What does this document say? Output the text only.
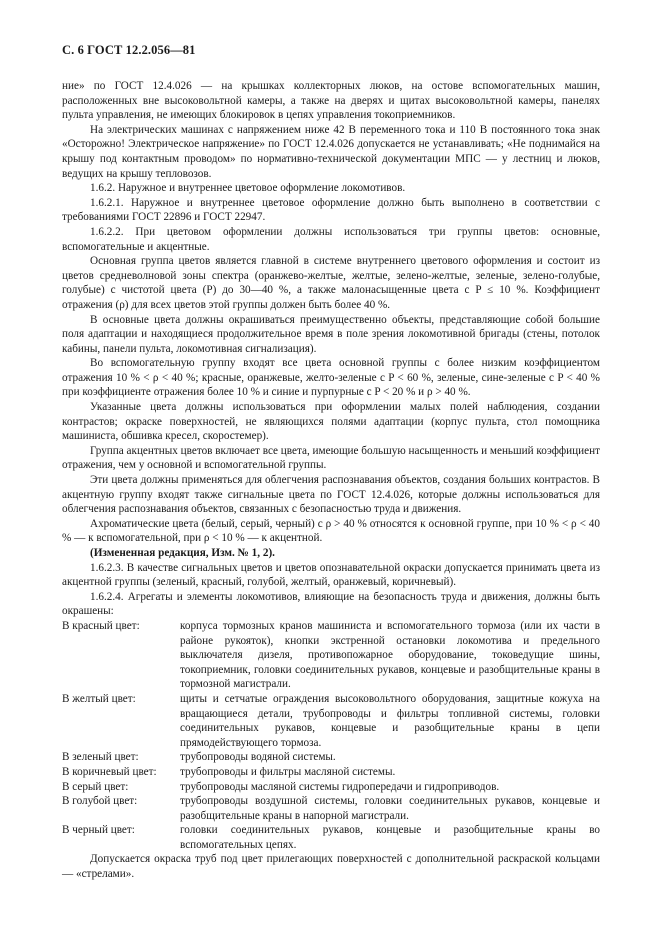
С. 6 ГОСТ 12.2.056—81

ние» по ГОСТ 12.4.026 — на крышках коллекторных люков, на остове вспомогательных машин, расположенных вне высоковольтной камеры, а также на дверях и щитах высоковольтной камеры, панелях пульта управления, не имеющих блокировок в цепях управления токоприемников.

На электрических машинах с напряжением ниже 42 В переменного тока и 110 В постоянного тока знак «Осторожно! Электрическое напряжение» по ГОСТ 12.4.026 допускается не устанавливать; «Не поднимайся на крышу под контактным проводом» по нормативно-технической документации МПС — у лестниц и люков, ведущих на крышу тепловозов.

1.6.2. Наружное и внутреннее цветовое оформление локомотивов.

1.6.2.1. Наружное и внутреннее цветовое оформление должно быть выполнено в соответствии с требованиями ГОСТ 22896 и ГОСТ 22947.

1.6.2.2. При цветовом оформлении должны использоваться три группы цветов: основные, вспомогательные и акцентные.

Основная группа цветов является главной в системе внутреннего цветового оформления и состоит из цветов средневолновой зоны спектра (оранжево-желтые, желтые, зелено-желтые, зеленые, зелено-голубые, голубые) с чистотой цвета (P) до 30—40 %, а также малонасыщенные цвета с P ≤ 10 %. Коэффициент отражения (ρ) для всех цветов этой группы должен быть более 40 %.

В основные цвета должны окрашиваться преимущественно объекты, представляющие собой большие поля адаптации и находящиеся продолжительное время в поле зрения локомотивной бригады (стены, потолок кабины, панели пульта, локомотивная сигнализация).

Во вспомогательную группу входят все цвета основной группы с более низким коэффициентом отражения 10 % < ρ < 40 %; красные, оранжевые, желто-зеленые с P < 60 %, зеленые, сине-зеленые с P < 40 % при коэффициенте отражения более 10 % и синие и пурпурные с P < 20 % и ρ > 40 %.

Указанные цвета должны использоваться при оформлении малых полей наблюдения, создании контрастов; окраске поверхностей, не являющихся полями адаптации (корпус пульта, стол помощника машиниста, обшивка кресел, скоростемер).

Группа акцентных цветов включает все цвета, имеющие большую насыщенность и меньший коэффициент отражения, чем у основной и вспомогательной группы.

Эти цвета должны применяться для облегчения распознавания объектов, создания больших контрастов. В акцентную группу входят также сигнальные цвета по ГОСТ 12.4.026, которые должны использоваться для облегчения распознавания объектов, связанных с безопасностью труда и движения.

Ахроматические цвета (белый, серый, черный) с ρ > 40 % относятся к основной группе, при 10 % < ρ < 40 % — к вспомогательной, при ρ < 10 % — к акцентной.

(Измененная редакция, Изм. № 1, 2).

1.6.2.3. В качестве сигнальных цветов и цветов опознавательной окраски допускается принимать цвета из акцентной группы (зеленый, красный, голубой, желтый, оранжевый, коричневый).

1.6.2.4. Агрегаты и элементы локомотивов, влияющие на безопасность труда и движения, должны быть окрашены:

В красный цвет:	корпуса тормозных кранов машиниста и вспомогательного тормоза (или их части в районе рукояток), кнопки экстренной остановки локомотива и предельного выключателя дизеля, противопожарное оборудование, токоведущие шины, токоприемник, головки соединительных рукавов, концевые и разобщительные краны в тормозной магистрали.
В желтый цвет:	щиты и сетчатые ограждения высоковольтного оборудования, защитные кожуха на вращающиеся детали, трубопроводы и фильтры топливной системы, головки соединительных рукавов, концевые и разобщительные краны в цепи прямодействующего тормоза.
В зеленый цвет:	трубопроводы водяной системы.
В коричневый цвет:	трубопроводы и фильтры масляной системы.
В серый цвет:	трубопроводы масляной системы гидропередачи и гидроприводов.
В голубой цвет:	трубопроводы воздушной системы, головки соединительных рукавов, концевые и разобщительные краны в напорной магистрали.
В черный цвет:	головки соединительных рукавов, концевые и разобщительные краны во вспомогательных цепях.

Допускается окраска труб под цвет прилегающих поверхностей с дополнительной раскраской кольцами — «стрелами».
